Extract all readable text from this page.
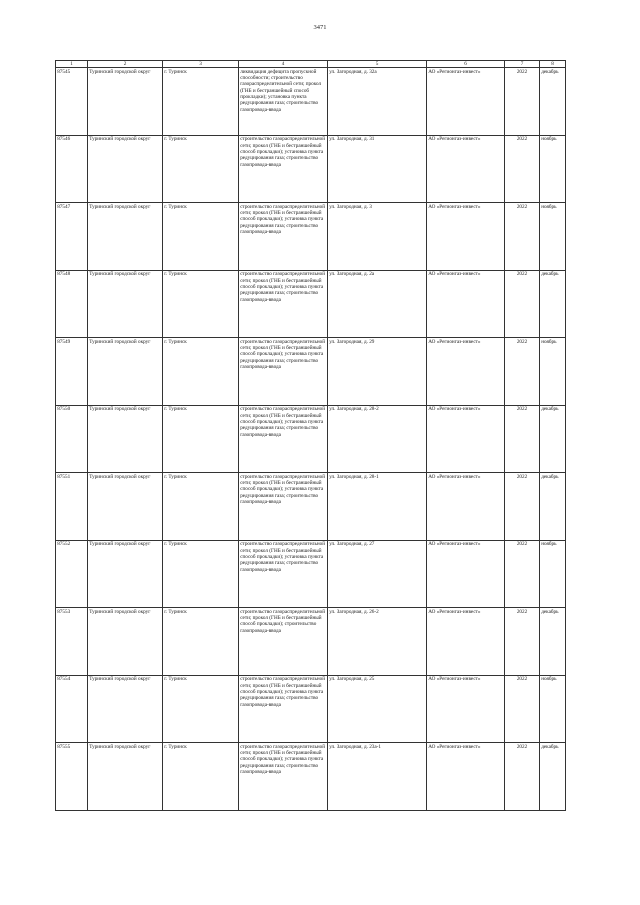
3471
1	2	3	4	5	6	7	8
87545	Туринский городской округ	г. Туринск	ликвидация дефицита пропускной способности; строительство газораспределительной сети; прокол (ГНБ и бестраншейный способ прокладки); установка пункта редуцирования газа; строительство газопровода-ввода	ул. Загородная, д. 32а	АО «Регионгаз-инвест»	2022	декабрь
87546	Туринский городской округ	г. Туринск	строительство газораспределительной сети; прокол (ГНБ и бестраншейный способ прокладки); установка пункта редуцирования газа; строительство газопровода-ввода	ул. Загородная, д. 31	АО «Регионгаз-инвест»	2022	ноябрь
87547	Туринский городской округ	г. Туринск	строительство газораспределительной сети; прокол (ГНБ и бестраншейный способ прокладки); установка пункта редуцирования газа; строительство газопровода-ввода	ул. Загородная, д. 3	АО «Регионгаз-инвест»	2022	ноябрь
87548	Туринский городской округ	г. Туринск	строительство газораспределительной сети; прокол (ГНБ и бестраншейный способ прокладки); установка пункта редуцирования газа; строительство газопровода-ввода	ул. Загородная, д. 2а	АО «Регионгаз-инвест»	2022	декабрь
87549	Туринский городской округ	г. Туринск	строительство газораспределительной сети; прокол (ГНБ и бестраншейный способ прокладки); установка пункта редуцирования газа; строительство газопровода-ввода	ул. Загородная, д. 29	АО «Регионгаз-инвест»	2022	ноябрь
87550	Туринский городской округ	г. Туринск	строительство газораспределительной сети; прокол (ГНБ и бестраншейный способ прокладки); установка пункта редуцирования газа; строительство газопровода-ввода	ул. Загородная, д. 28-2	АО «Регионгаз-инвест»	2022	декабрь
87551	Туринский городской округ	г. Туринск	строительство газораспределительной сети; прокол (ГНБ и бестраншейный способ прокладки); установка пункта редуцирования газа; строительство газопровода-ввода	ул. Загородная, д. 28-1	АО «Регионгаз-инвест»	2022	декабрь
87552	Туринский городской округ	г. Туринск	строительство газораспределительной сети; прокол (ГНБ и бестраншейный способ прокладки); установка пункта редуцирования газа; строительство газопровода-ввода	ул. Загородная, д. 27	АО «Регионгаз-инвест»	2022	ноябрь
87553	Туринский городской округ	г. Туринск	строительство газораспределительной сети; прокол (ГНБ и бестраншейный способ прокладки); строительство газопровода-ввода	ул. Загородная, д. 26-2	АО «Регионгаз-инвест»	2022	декабрь
87554	Туринский городской округ	г. Туринск	строительство газораспределительной сети; прокол (ГНБ и бестраншейный способ прокладки); установка пункта редуцирования газа; строительство газопровода-ввода	ул. Загородная, д. 25	АО «Регионгаз-инвест»	2022	ноябрь
87555	Туринский городской округ	г. Туринск	строительство газораспределительной сети; прокол (ГНБ и бестраншейный способ прокладки); установка пункта редуцирования газа; строительство газопровода-ввода	ул. Загородная, д. 23а-1	АО «Регионгаз-инвест»	2022	декабрь
